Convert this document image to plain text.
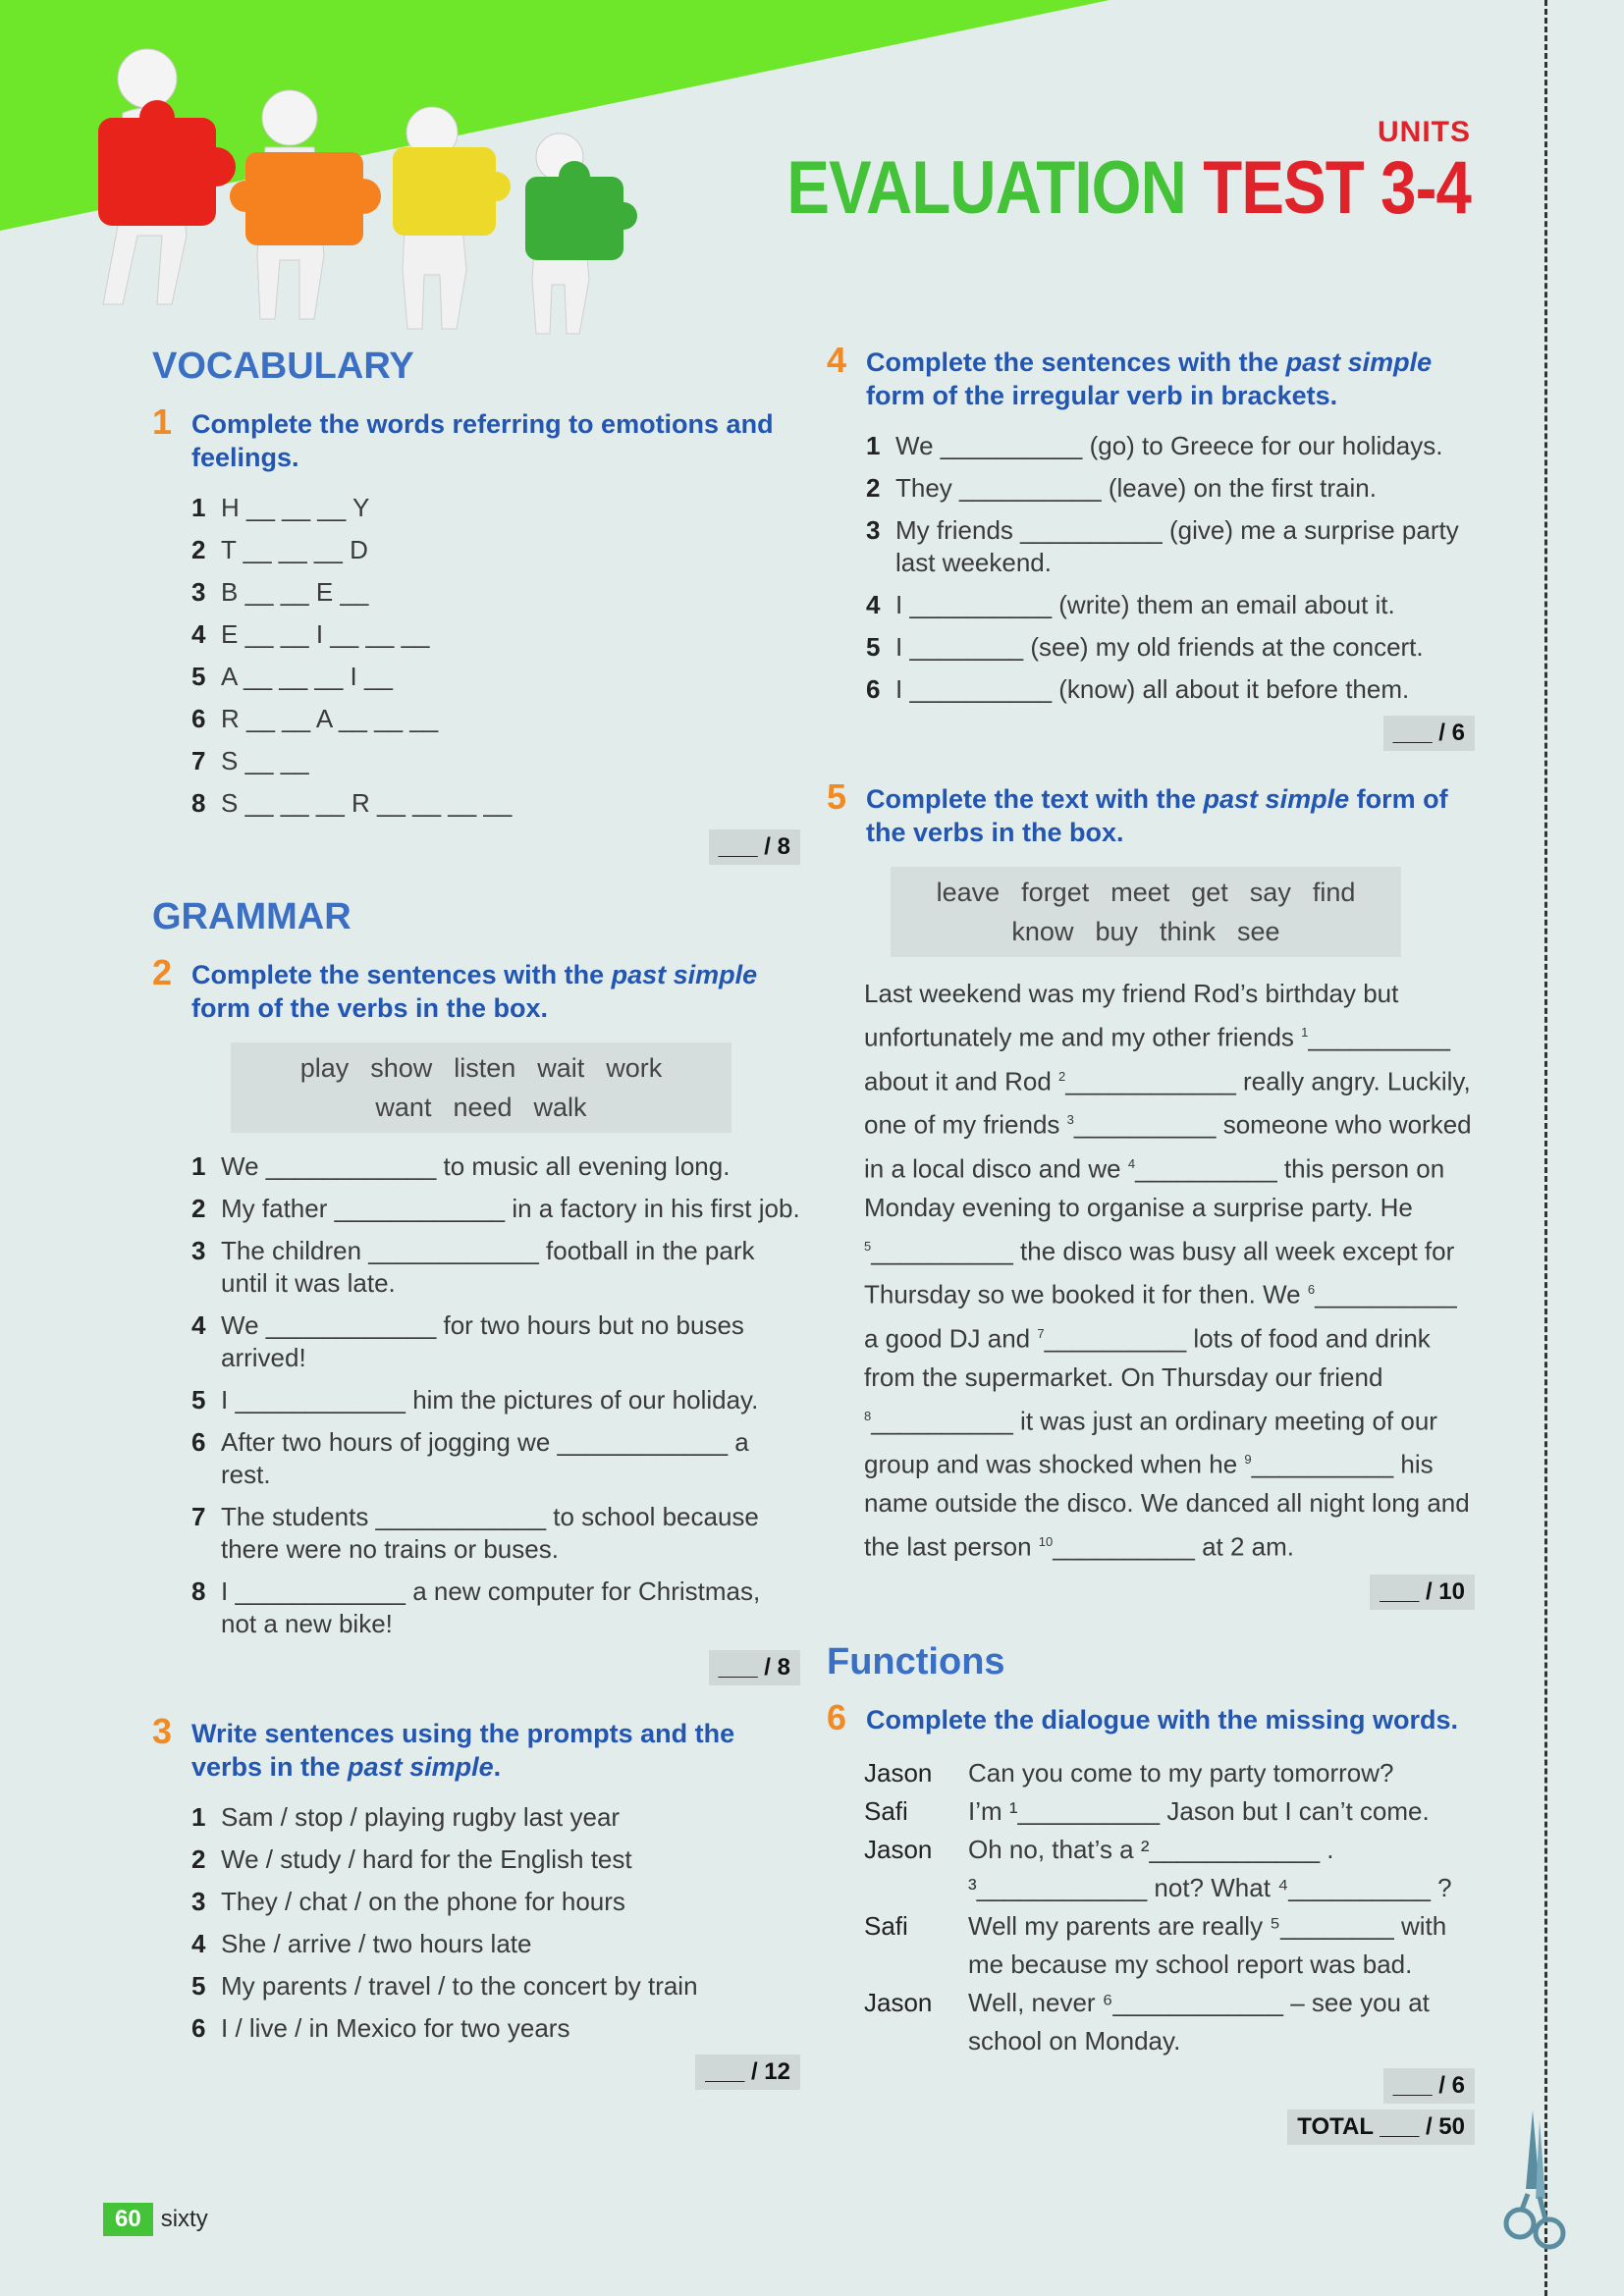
UNITS
EVALUATION TEST 3-4
VOCABULARY
1 Complete the words referring to emotions and feelings.
1 H __ __ __ Y
2 T __ __ __ D
3 B __ __ E __
4 E __ __ I __ __ __
5 A __ __ __ I __
6 R __ __ A __ __ __
7 S __ __
8 S __ __ __ R __ __ __ __
___ / 8
GRAMMAR
2 Complete the sentences with the past simple form of the verbs in the box.
play show listen wait work
want need walk
1 We ____________ to music all evening long.
2 My father ____________ in a factory in his first job.
3 The children ____________ football in the park until it was late.
4 We ____________ for two hours but no buses arrived!
5 I ____________ him the pictures of our holiday.
6 After two hours of jogging we ____________ a rest.
7 The students ____________ to school because there were no trains or buses.
8 I ____________ a new computer for Christmas, not a new bike!
___ / 8
3 Write sentences using the prompts and the verbs in the past simple.
1 Sam / stop / playing rugby last year
2 We / study / hard for the English test
3 They / chat / on the phone for hours
4 She / arrive / two hours late
5 My parents / travel / to the concert by train
6 I / live / in Mexico for two years
___ / 12
4 Complete the sentences with the past simple form of the irregular verb in brackets.
1 We __________ (go) to Greece for our holidays.
2 They __________ (leave) on the first train.
3 My friends __________ (give) me a surprise party last weekend.
4 I __________ (write) them an email about it.
5 I ________ (see) my old friends at the concert.
6 I __________ (know) all about it before them.
___ / 6
5 Complete the text with the past simple form of the verbs in the box.
leave forget meet get say find
know buy think see
Last weekend was my friend Rod’s birthday but unfortunately me and my other friends $^1$__________ about it and Rod $^2$____________ really angry. Luckily, one of my friends $^3$__________ someone who worked in a local disco and we $^4$__________ this person on Monday evening to organise a surprise party. He $^5$__________ the disco was busy all week except for Thursday so we booked it for then. We $^6$__________ a good DJ and $^7$__________ lots of food and drink from the supermarket. On Thursday our friend $^8$__________ it was just an ordinary meeting of our group and was shocked when he $^9$__________ his name outside the disco. We danced all night long and the last person $^{10}$__________ at 2 am.
___ / 10
Functions
6 Complete the dialogue with the missing words.
Jason	Can you come to my party tomorrow?
Safi	I’m ¹__________ Jason but I can’t come.
Jason	Oh no, that’s a ²____________ .
³____________ not? What ⁴__________ ?
Safi	Well my parents are really ⁵________ with me because my school report was bad.
Jason	Well, never ⁶____________ – see you at school on Monday.
___ / 6
TOTAL ___ / 50
60 sixty
